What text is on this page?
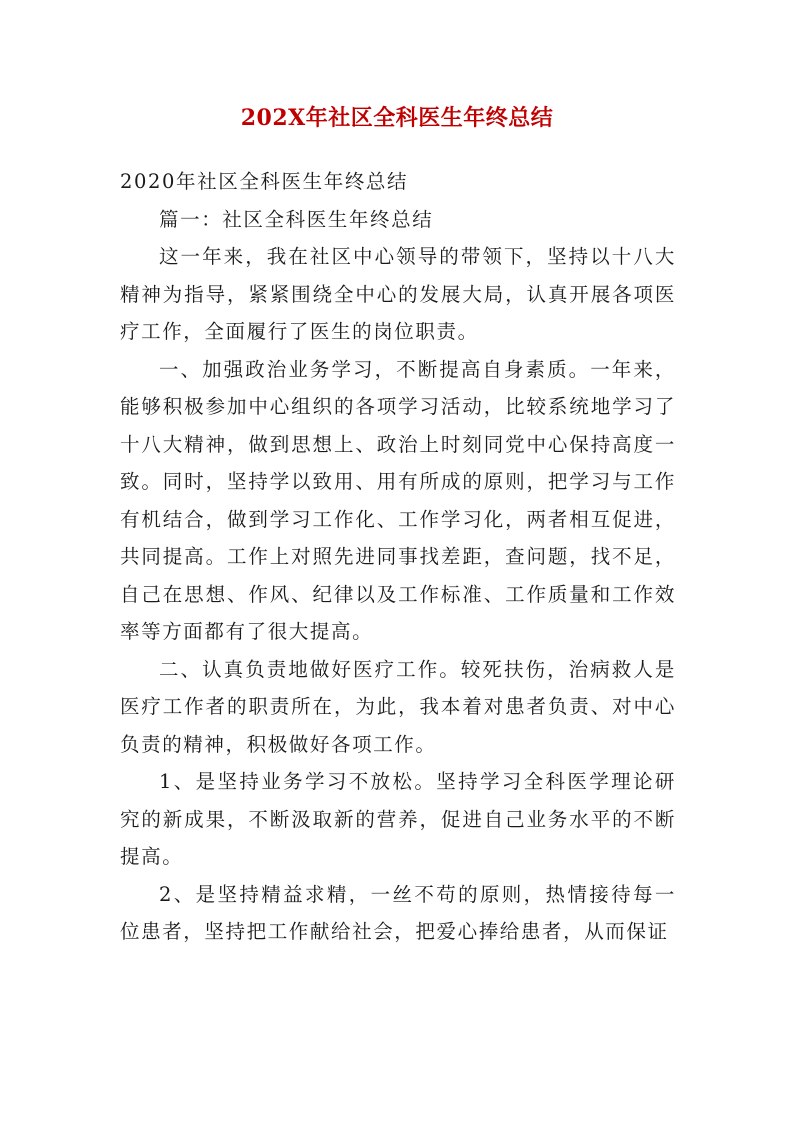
202X年社区全科医生年终总结

2020年社区全科医生年终总结

篇一：社区全科医生年终总结

这一年来，我在社区中心领导的带领下，坚持以十八大精神为指导，紧紧围绕全中心的发展大局，认真开展各项医疗工作，全面履行了医生的岗位职责。

一、加强政治业务学习，不断提高自身素质。一年来，能够积极参加中心组织的各项学习活动，比较系统地学习了十八大精神，做到思想上、政治上时刻同党中心保持高度一致。同时，坚持学以致用、用有所成的原则，把学习与工作有机结合，做到学习工作化、工作学习化，两者相互促进，共同提高。工作上对照先进同事找差距，查问题，找不足，自己在思想、作风、纪律以及工作标准、工作质量和工作效率等方面都有了很大提高。

二、认真负责地做好医疗工作。较死扶伤，治病救人是医疗工作者的职责所在，为此，我本着对患者负责、对中心负责的精神，积极做好各项工作。

1、是坚持业务学习不放松。坚持学习全科医学理论研究的新成果，不断汲取新的营养，促进自己业务水平的不断提高。

2、是坚持精益求精，一丝不苟的原则，热情接待每一位患者，坚持把工作献给社会，把爱心捧给患者，从而保证
